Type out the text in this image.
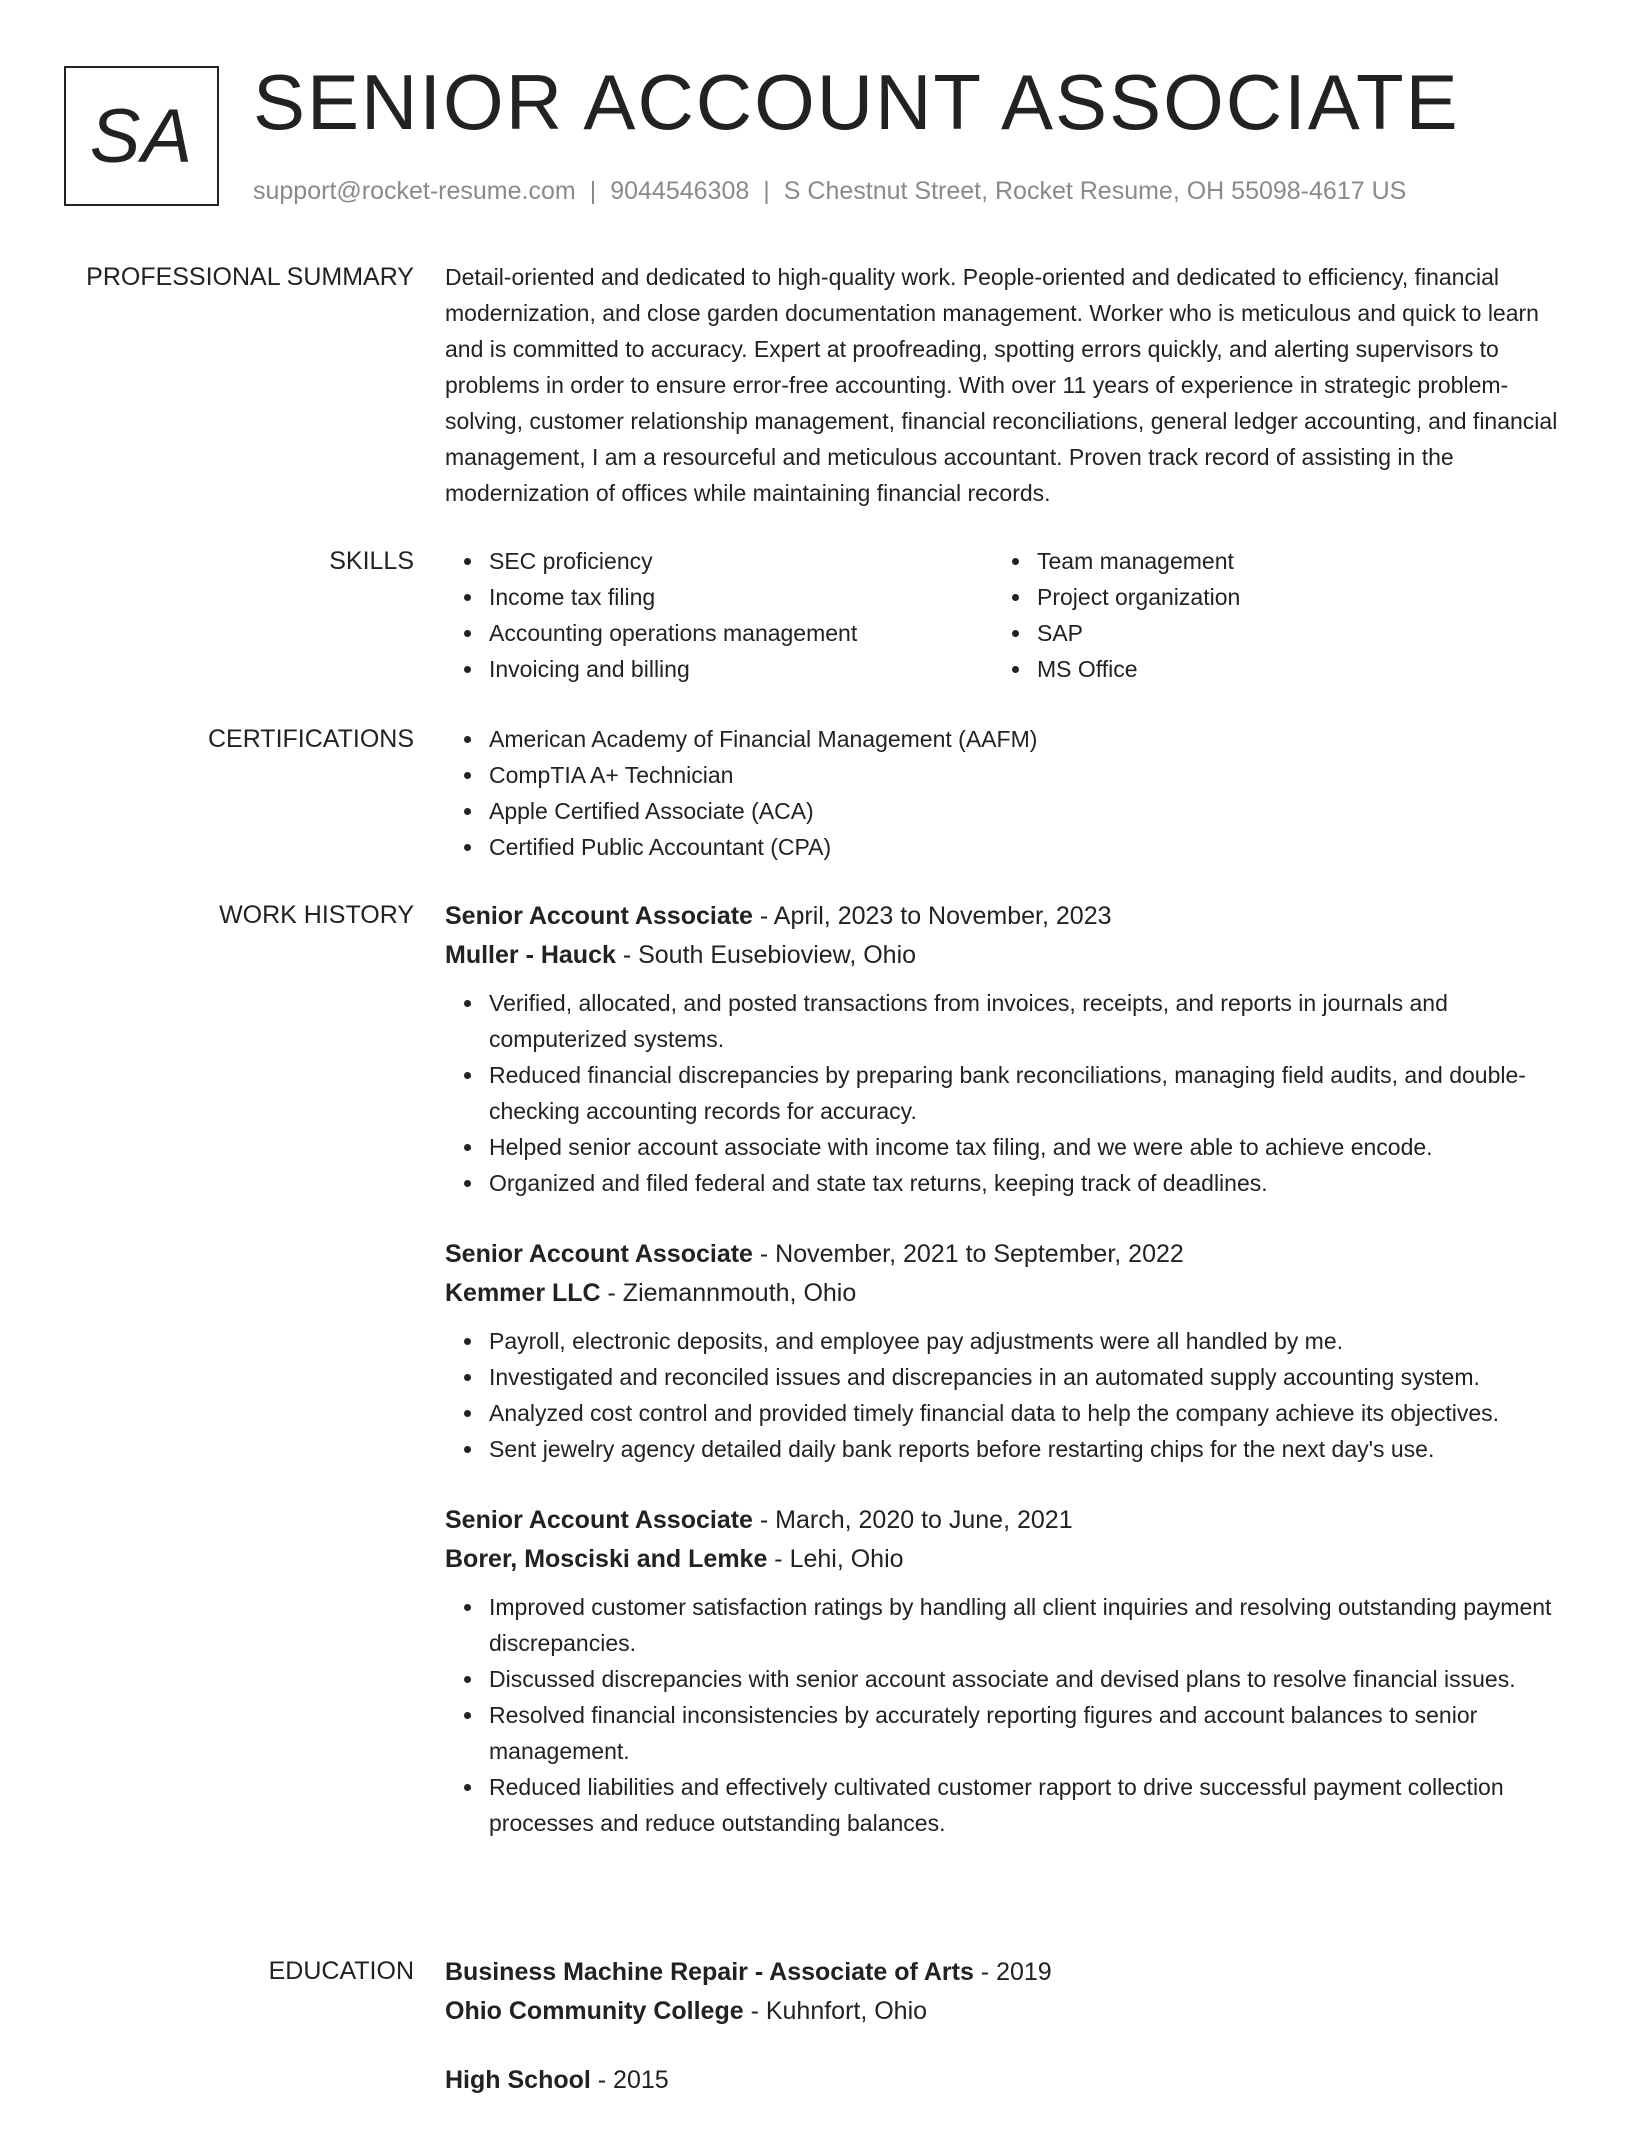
SA SENIOR ACCOUNT ASSOCIATE
support@rocket-resume.com | 9044546308 | S Chestnut Street, Rocket Resume, OH 55098-4617 US
PROFESSIONAL SUMMARY Detail-oriented and dedicated to high-quality work. People-oriented and dedicated to efficiency, financial modernization, and close garden documentation management. Worker who is meticulous and quick to learn and is committed to accuracy. Expert at proofreading, spotting errors quickly, and alerting supervisors to problems in order to ensure error-free accounting. With over 11 years of experience in strategic problem-solving, customer relationship management, financial reconciliations, general ledger accounting, and financial management, I am a resourceful and meticulous accountant. Proven track record of assisting in the modernization of offices while maintaining financial records.

SKILLS	SEC proficiency
Income tax filing
Accounting operations management
Invoicing and billing
Team management
Project organization
SAP
MS Office
CERTIFICATIONS	American Academy of Financial Management (AAFM)
CompTIA A+ Technician
Apple Certified Associate (ACA)
Certified Public Accountant (CPA)
WORK HISTORY Senior Account Associate - April, 2023 to November, 2023
Muller - Hauck - South Eusebioview, Ohio
Verified, allocated, and posted transactions from invoices, receipts, and reports in journals and computerized systems.
Reduced financial discrepancies by preparing bank reconciliations, managing field audits, and double-checking accounting records for accuracy.
Helped senior account associate with income tax filing, and we were able to achieve encode.
Organized and filed federal and state tax returns, keeping track of deadlines.
Senior Account Associate - November, 2021 to September, 2022
Kemmer LLC - Ziemannmouth, Ohio
Payroll, electronic deposits, and employee pay adjustments were all handled by me.
Investigated and reconciled issues and discrepancies in an automated supply accounting system.
Analyzed cost control and provided timely financial data to help the company achieve its objectives.
Sent jewelry agency detailed daily bank reports before restarting chips for the next day's use.
Senior Account Associate - March, 2020 to June, 2021
Borer, Mosciski and Lemke - Lehi, Ohio
Improved customer satisfaction ratings by handling all client inquiries and resolving outstanding payment discrepancies.
Discussed discrepancies with senior account associate and devised plans to resolve financial issues.
Resolved financial inconsistencies by accurately reporting figures and account balances to senior management.
Reduced liabilities and effectively cultivated customer rapport to drive successful payment collection processes and reduce outstanding balances.
EDUCATION Business Machine Repair - Associate of Arts - 2019
Ohio Community College - Kuhnfort, Ohio
High School - 2015
